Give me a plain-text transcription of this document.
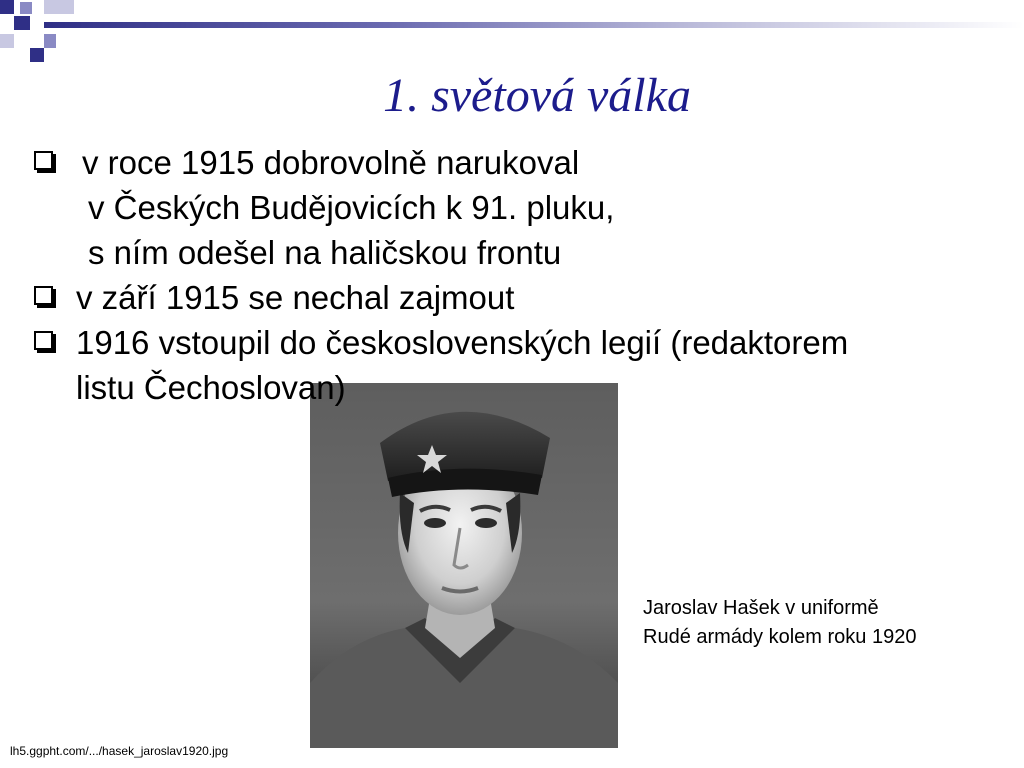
1. světová válka
v roce 1915 dobrovolně narukoval
v Českých Budějovicích k 91. pluku,
s ním odešel na haličskou frontu
v září 1915 se nechal zajmout
1916 vstoupil do československých legií (redaktorem
listu Čechoslovan)
Jaroslav Hašek v uniformě
Rudé armády kolem roku 1920
lh5.ggpht.com/.../hasek_jaroslav1920.jpg
